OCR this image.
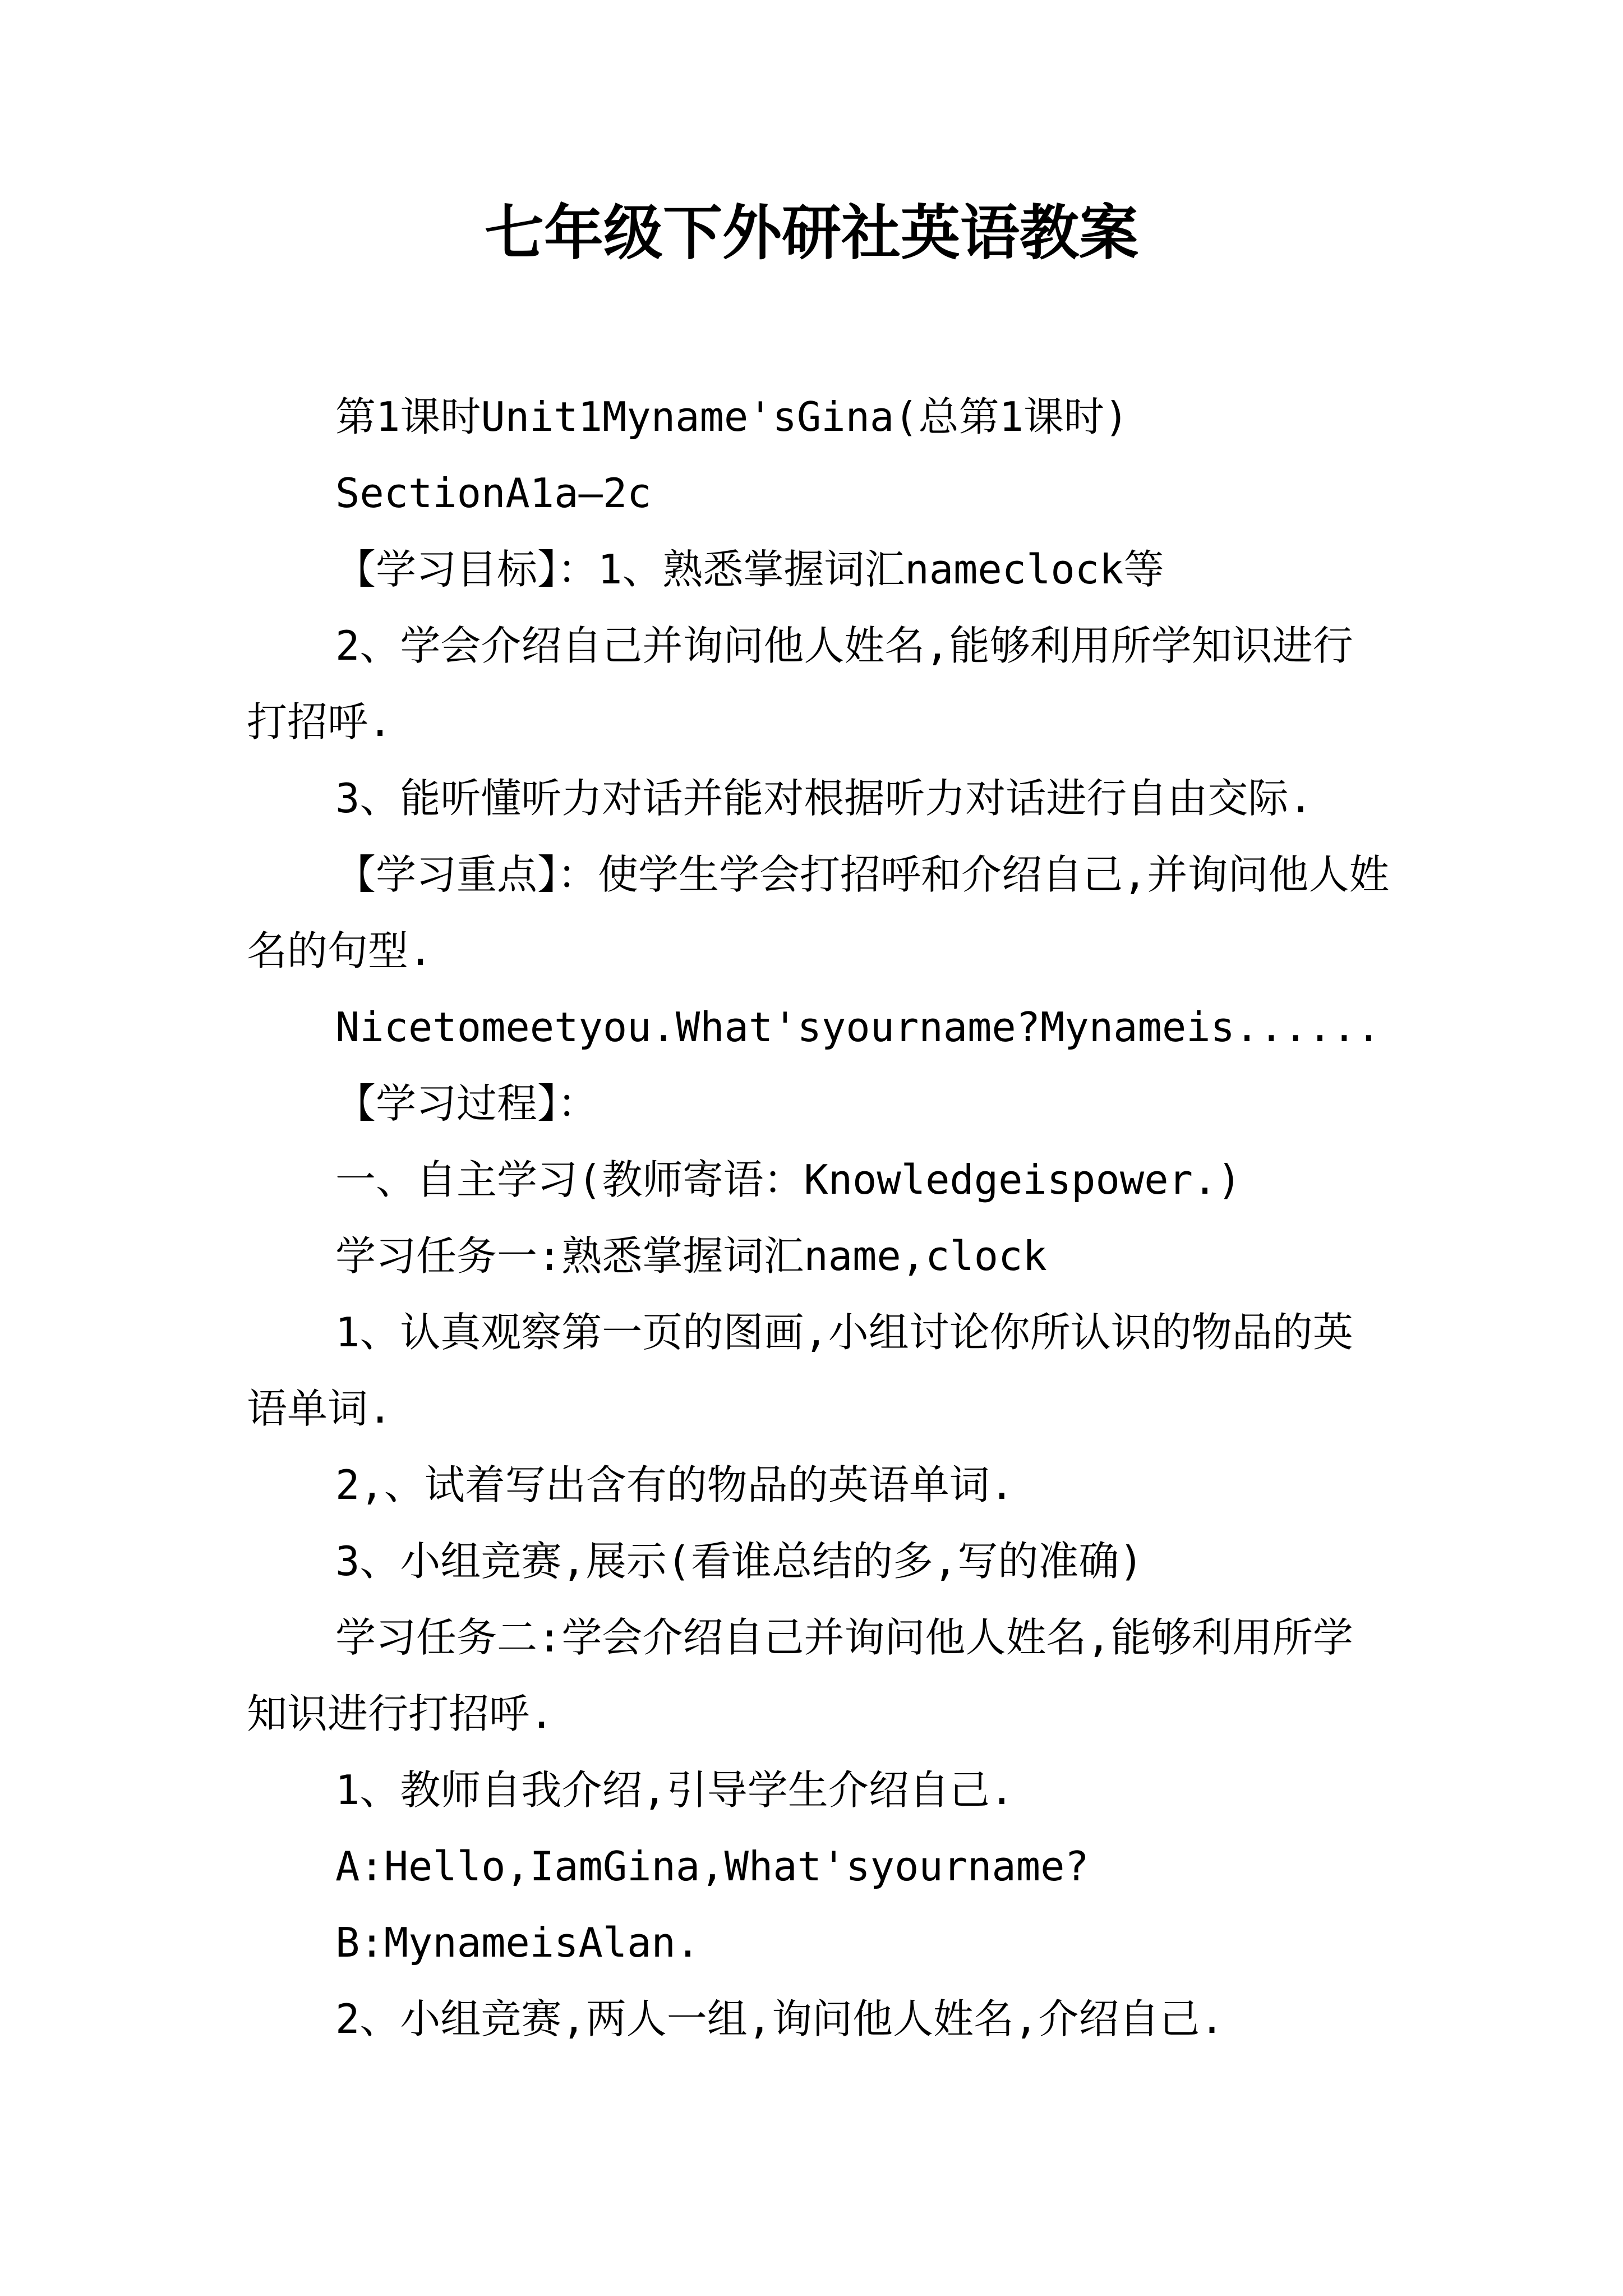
七年级下外研社英语教案

第1课时Unit1Myname'sGina(总第1课时)

SectionA1a—2c

【学习目标】：1、熟悉掌握词汇nameclock等

2、学会介绍自己并询问他人姓名,能够利用所学知识进行打招呼.

3、能听懂听力对话并能对根据听力对话进行自由交际.

【学习重点】：使学生学会打招呼和介绍自己,并询问他人姓名的句型.

Nicetomeetyou.What'syourname?Mynameis......

【学习过程】：

一、自主学习(教师寄语：Knowledgeispower.)

学习任务一:熟悉掌握词汇name,clock

1、认真观察第一页的图画,小组讨论你所认识的物品的英语单词.

2,、试着写出含有的物品的英语单词.

3、小组竞赛,展示(看谁总结的多,写的准确)

学习任务二:学会介绍自己并询问他人姓名,能够利用所学知识进行打招呼.

1、教师自我介绍,引导学生介绍自己.

A:Hello,IamGina,What'syourname?

B:MynameisAlan.

2、小组竞赛,两人一组,询问他人姓名,介绍自己.
